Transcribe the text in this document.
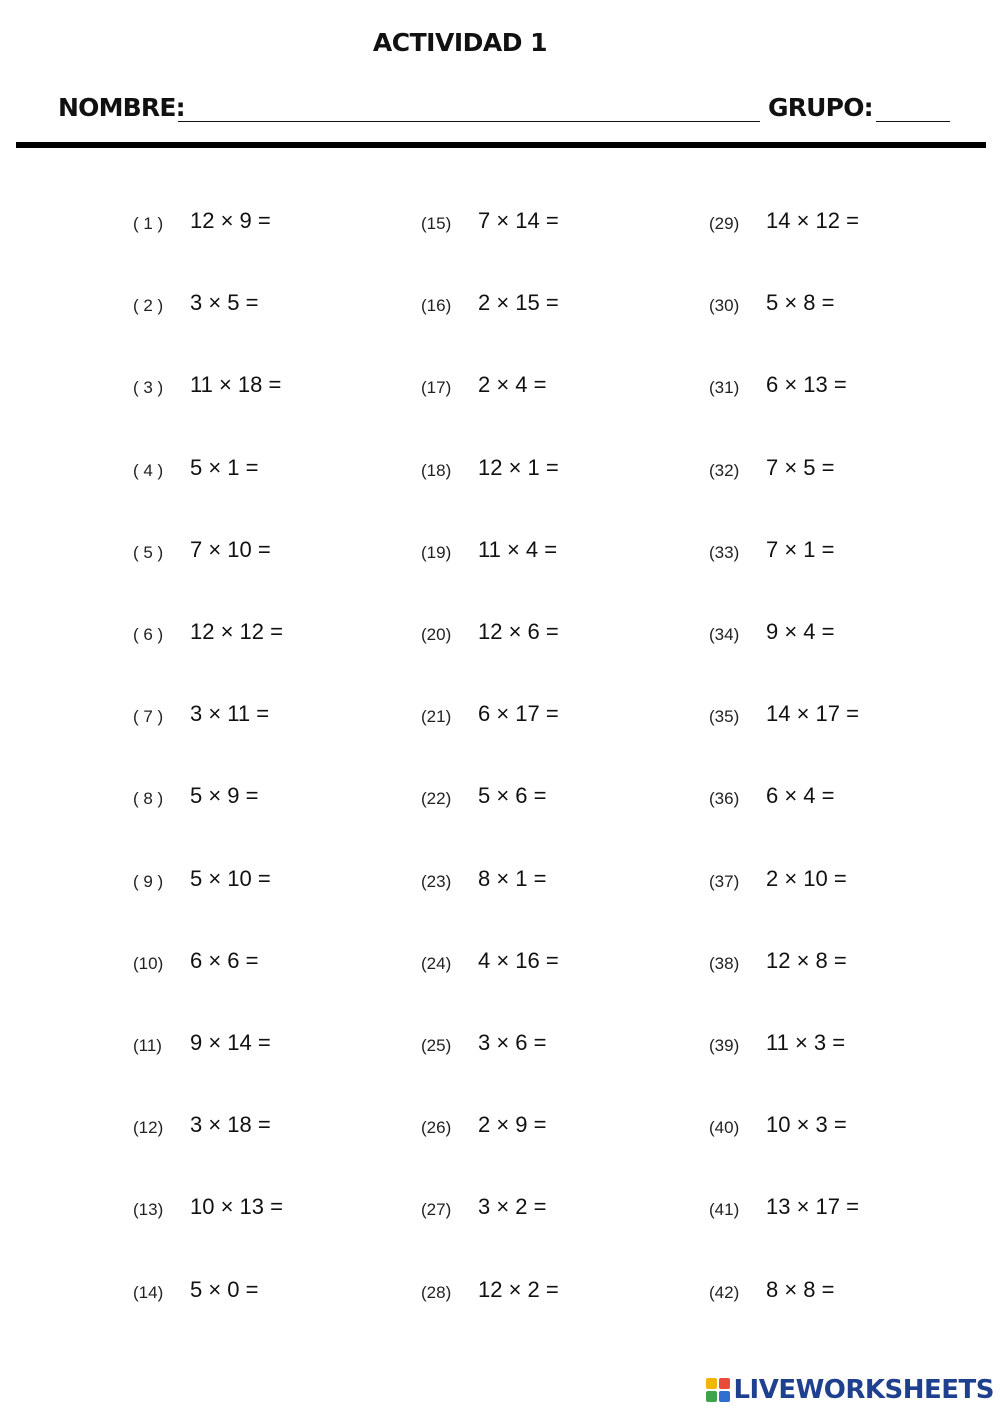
ACTIVIDAD 1
NOMBRE:	GRUPO:
( 1 ) 12 × 9 =
( 2 ) 3 × 5 =
( 3 ) 11 × 18 =
( 4 ) 5 × 1 =
( 5 ) 7 × 10 =
( 6 ) 12 × 12 =
( 7 ) 3 × 11 =
( 8 ) 5 × 9 =
( 9 ) 5 × 10 =
(10) 6 × 6 =
(11) 9 × 14 =
(12) 3 × 18 =
(13) 10 × 13 =
(14) 5 × 0 =
(15) 7 × 14 =
(16) 2 × 15 =
(17) 2 × 4 =
(18) 12 × 1 =
(19) 11 × 4 =
(20) 12 × 6 =
(21) 6 × 17 =
(22) 5 × 6 =
(23) 8 × 1 =
(24) 4 × 16 =
(25) 3 × 6 =
(26) 2 × 9 =
(27) 3 × 2 =
(28) 12 × 2 =
(29) 14 × 12 =
(30) 5 × 8 =
(31) 6 × 13 =
(32) 7 × 5 =
(33) 7 × 1 =
(34) 9 × 4 =
(35) 14 × 17 =
(36) 6 × 4 =
(37) 2 × 10 =
(38) 12 × 8 =
(39) 11 × 3 =
(40) 10 × 3 =
(41) 13 × 17 =
(42) 8 × 8 =
LIVEWORKSHEETS
